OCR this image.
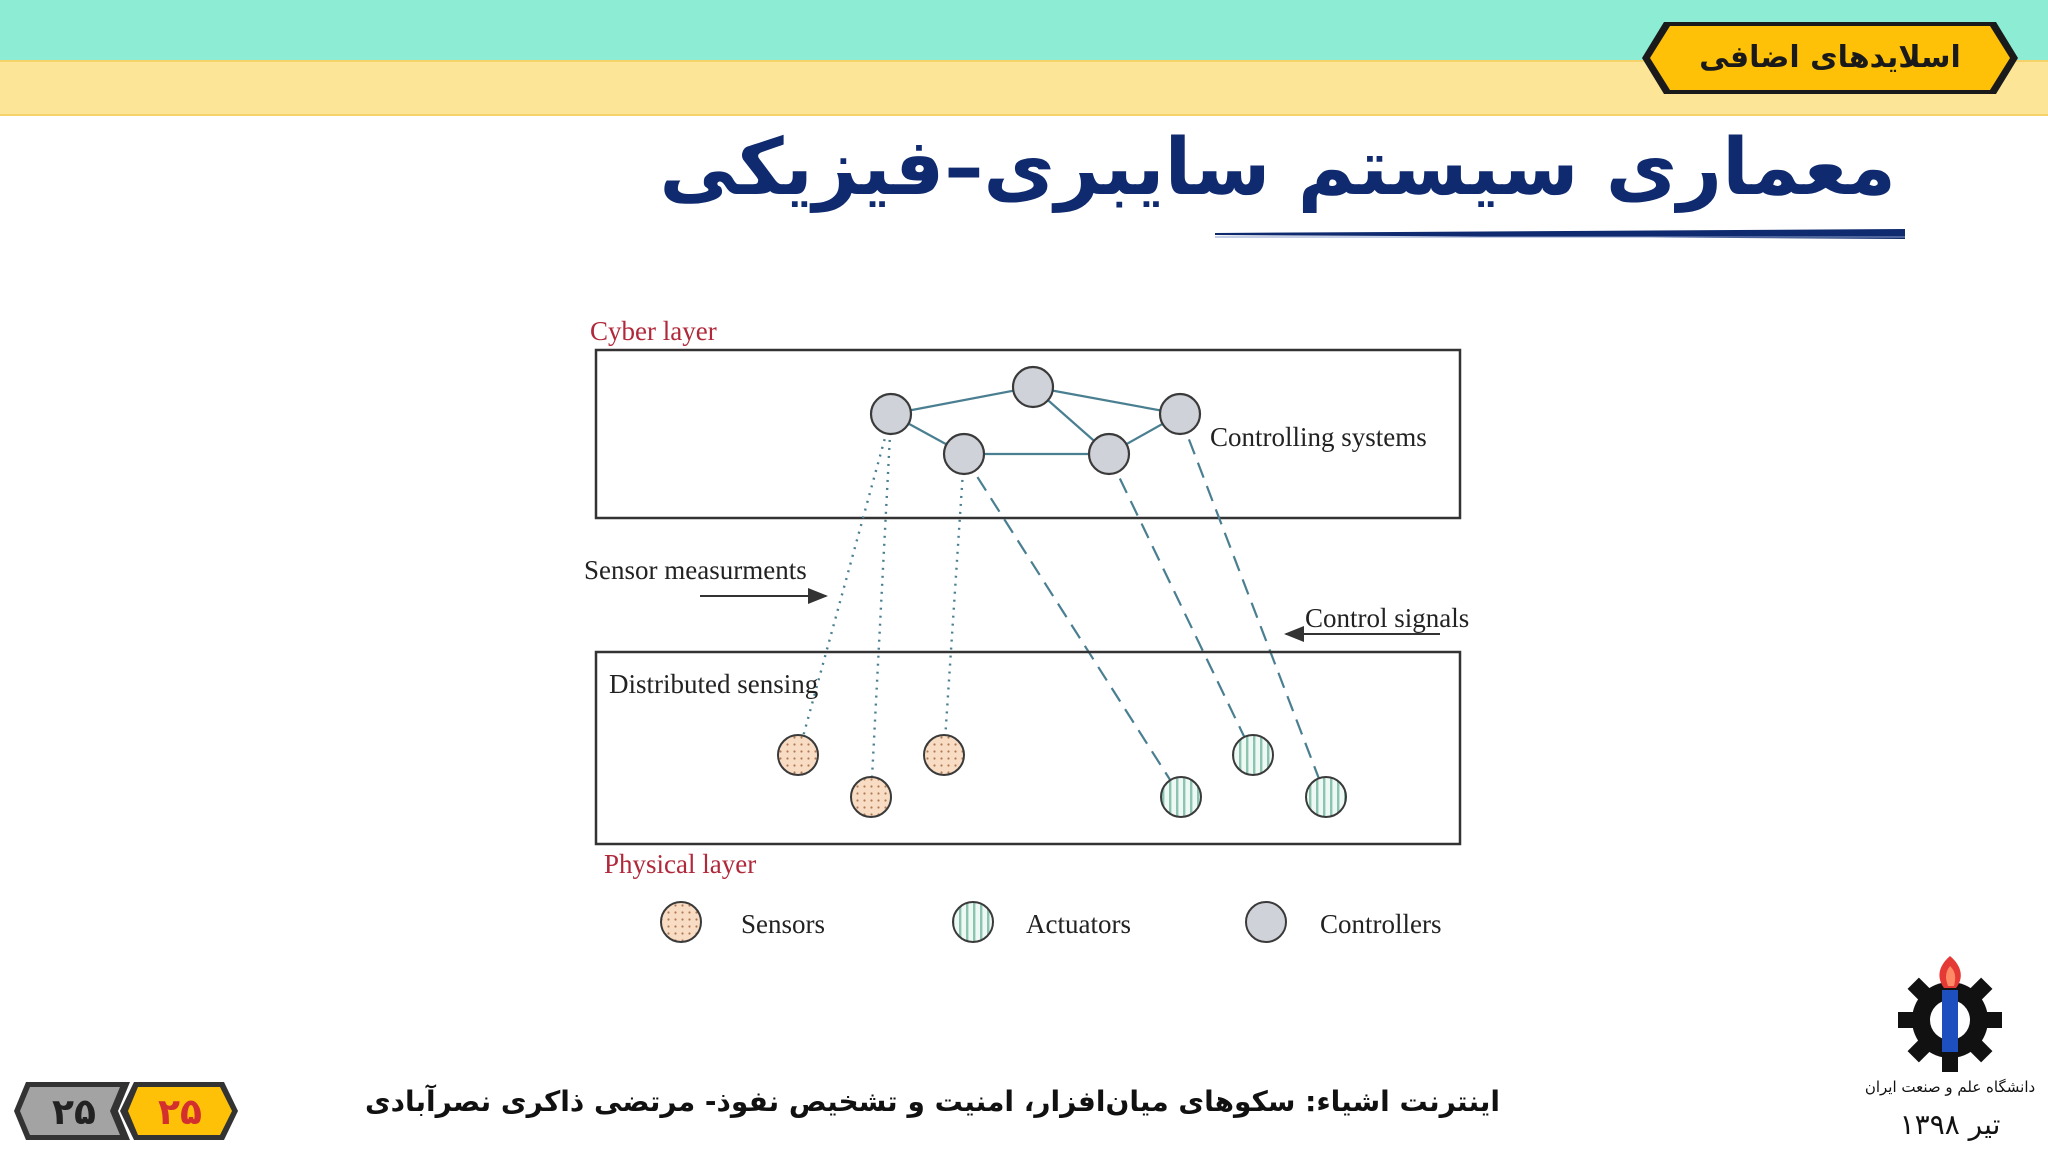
اسلایدهای اضافی
معماری سیستم سایبری–فیزیکی
Cyber layer
Controlling systems
Sensor measurments
Control signals
Distributed sensing
Physical layer
Sensors	Actuators	Controllers
۲۵ ۲۵	اینترنت اشیاء: سکوهای میان‌افزار، امنیت و تشخیص نفوذ- مرتضی ذاکری نصرآبادی	دانشگاه علم و صنعت ایران
تیر ۱۳۹۸
